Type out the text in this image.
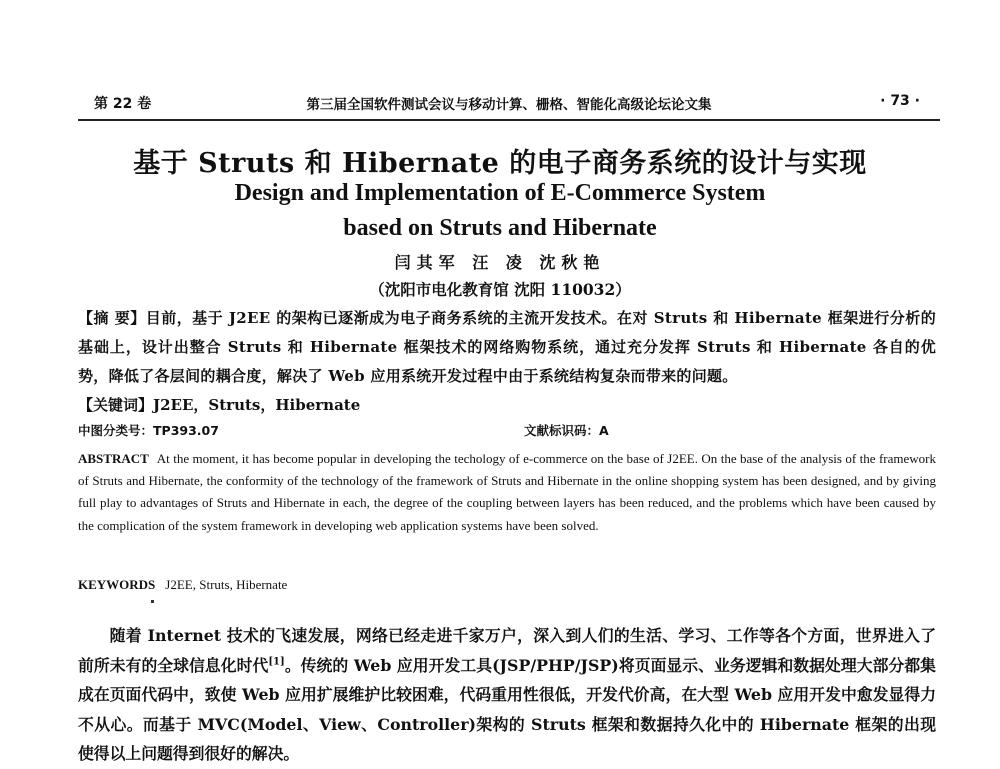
第 22 卷	第三届全国软件测试会议与移动计算、栅格、智能化高级论坛论文集	· 73 ·
基于 Struts 和 Hibernate 的电子商务系统的设计与实现
Design and Implementation of E-Commerce System
based on Struts and Hibernate
闫其军 汪 凌 沈秋艳
（沈阳市电化教育馆 沈阳 110032）
【摘 要】目前，基于 J2EE 的架构已逐渐成为电子商务系统的主流开发技术。在对 Struts 和 Hibernate 框架进行分析的基础上，设计出整合 Struts 和 Hibernate 框架技术的网络购物系统，通过充分发挥 Struts 和 Hibernate 各自的优势，降低了各层间的耦合度，解决了 Web 应用系统开发过程中由于系统结构复杂而带来的问题。
【关键词】J2EE，Struts，Hibernate
中图分类号：TP393.07	文献标识码：A
ABSTRACT At the moment, it has become popular in developing the techology of e-commerce on the base of J2EE. On the base of the analysis of the framework of Struts and Hibernate, the conformity of the technology of the framework of Struts and Hibernate in the online shopping system has been designed, and by giving full play to advantages of Struts and Hibernate in each, the degree of the coupling between layers has been reduced, and the problems which have been caused by the complication of the system framework in developing web application systems have been solved.
KEYWORDS J2EE, Struts, Hibernate
随着 Internet 技术的飞速发展，网络已经走进千家万户，深入到人们的生活、学习、工作等各个方面，世界进入了前所未有的全球信息化时代[1]。传统的 Web 应用开发工具(JSP/PHP/JSP)将页面显示、业务逻辑和数据处理大部分都集成在页面代码中，致使 Web 应用扩展维护比较困难，代码重用性很低，开发代价高，在大型 Web 应用开发中愈发显得力不从心。而基于 MVC(Model、View、Controller)架构的 Struts 框架和数据持久化中的 Hibernate 框架的出现使得以上问题得到很好的解决。
